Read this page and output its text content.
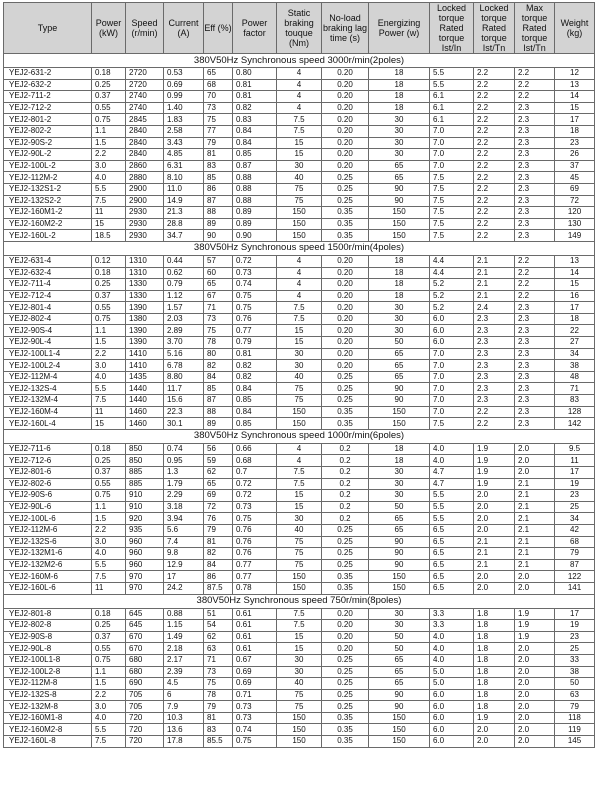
Type	Power (kW)	Speed (r/min)	Current (A)	Eff (%)	Power factor	Static braking touque (Nm)	No-load braking lag time (s)	Energizing Power (w)	Locked torque Rated torque Ist/In	Locked torque Rated torque Ist/Tn	Max torque Rated torque Ist/Tn	Weight (kg)
380V50Hz Synchronous speed 3000r/min(2poles)												
YEJ2-631-2	0.18	2720	0.53	65	0.80	4	0.20	18	5.5	2.2	2.2	12
YEJ2-632-2	0.25	2720	0.69	68	0.81	4	0.20	18	5.5	2.2	2.2	13
YEJ2-711-2	0.37	2740	0.99	70	0.81	4	0.20	18	6.1	2.2	2.2	14
YEJ2-712-2	0.55	2740	1.40	73	0.82	4	0.20	18	6.1	2.2	2.3	15
YEJ2-801-2	0.75	2845	1.83	75	0.83	7.5	0.20	30	6.1	2.2	2.3	17
YEJ2-802-2	1.1	2840	2.58	77	0.84	7.5	0.20	30	7.0	2.2	2.3	18
YEJ2-90S-2	1.5	2840	3.43	79	0.84	15	0.20	30	7.0	2.2	2.3	23
YEJ2-90L-2	2.2	2840	4.85	81	0.85	15	0.20	30	7.0	2.2	2.3	26
YEJ2-100L-2	3.0	2860	6.31	83	0.87	30	0.20	65	7.0	2.2	2.3	37
YEJ2-112M-2	4.0	2880	8.10	85	0.88	40	0.25	65	7.5	2.2	2.3	45
YEJ2-132S1-2	5.5	2900	11.0	86	0.88	75	0.25	90	7.5	2.2	2.3	69
YEJ2-132S2-2	7.5	2900	14.9	87	0.88	75	0.25	90	7.5	2.2	2.3	72
YEJ2-160M1-2	11	2930	21.3	88	0.89	150	0.35	150	7.5	2.2	2.3	120
YEJ2-160M2-2	15	2930	28.8	89	0.89	150	0.35	150	7.5	2.2	2.3	130
YEJ2-160L-2	18.5	2930	34.7	90	0.90	150	0.35	150	7.5	2.2	2.3	149
380V50Hz Synchronous speed 1500r/min(4poles)												
YEJ2-631-4	0.12	1310	0.44	57	0.72	4	0.20	18	4.4	2.1	2.2	13
YEJ2-632-4	0.18	1310	0.62	60	0.73	4	0.20	18	4.4	2.1	2.2	14
YEJ2-711-4	0.25	1330	0.79	65	0.74	4	0.20	18	5.2	2.1	2.2	15
YEJ2-712-4	0.37	1330	1.12	67	0.75	4	0.20	18	5.2	2.1	2.2	16
YEJ2-801-4	0.55	1390	1.57	71	0.75	7.5	0.20	30	5.2	2.4	2.3	17
YEJ2-802-4	0.75	1380	2.03	73	0.76	7.5	0.20	30	6.0	2.3	2.3	18
YEJ2-90S-4	1.1	1390	2.89	75	0.77	15	0.20	30	6.0	2.3	2.3	22
YEJ2-90L-4	1.5	1390	3.70	78	0.79	15	0.20	50	6.0	2.3	2.3	27
YEJ2-100L1-4	2.2	1410	5.16	80	0.81	30	0.20	65	7.0	2.3	2.3	34
YEJ2-100L2-4	3.0	1410	6.78	82	0.82	30	0.20	65	7.0	2.3	2.3	38
YEJ2-112M-4	4.0	1435	8.80	84	0.82	40	0.25	65	7.0	2.3	2.3	48
YEJ2-132S-4	5.5	1440	11.7	85	0.84	75	0.25	90	7.0	2.3	2.3	71
YEJ2-132M-4	7.5	1440	15.6	87	0.85	75	0.25	90	7.0	2.3	2.3	83
YEJ2-160M-4	11	1460	22.3	88	0.84	150	0.35	150	7.0	2.2	2.3	128
YEJ2-160L-4	15	1460	30.1	89	0.85	150	0.35	150	7.5	2.2	2.3	142
380V50Hz Synchronous speed 1000r/min(6poles)												
YEJ2-711-6	0.18	850	0.74	56	0.66	4	0.2	18	4.0	1.9	2.0	9.5
YEJ2-712-6	0.25	850	0.95	59	0.68	4	0.2	18	4.0	1.9	2.0	11
YEJ2-801-6	0.37	885	1.3	62	0.7	7.5	0.2	30	4.7	1.9	2.0	17
YEJ2-802-6	0.55	885	1.79	65	0.72	7.5	0.2	30	4.7	1.9	2.1	19
YEJ2-90S-6	0.75	910	2.29	69	0.72	15	0.2	30	5.5	2.0	2.1	23
YEJ2-90L-6	1.1	910	3.18	72	0.73	15	0.2	50	5.5	2.0	2.1	25
YEJ2-100L-6	1.5	920	3.94	76	0.75	30	0.2	65	5.5	2.0	2.1	34
YEJ2-112M-6	2.2	935	5.6	79	0.76	40	0.25	65	6.5	2.0	2.1	42
YEJ2-132S-6	3.0	960	7.4	81	0.76	75	0.25	90	6.5	2.1	2.1	68
YEJ2-132M1-6	4.0	960	9.8	82	0.76	75	0.25	90	6.5	2.1	2.1	79
YEJ2-132M2-6	5.5	960	12.9	84	0.77	75	0.25	90	6.5	2.1	2.1	87
YEJ2-160M-6	7.5	970	17	86	0.77	150	0.35	150	6.5	2.0	2.0	122
YEJ2-160L-6	11	970	24.2	87.5	0.78	150	0.35	150	6.5	2.0	2.0	141
380V50Hz Synchronous speed 750r/min(8poles)												
YEJ2-801-8	0.18	645	0.88	51	0.61	7.5	0.20	30	3.3	1.8	1.9	17
YEJ2-802-8	0.25	645	1.15	54	0.61	7.5	0.20	30	3.3	1.8	1.9	19
YEJ2-90S-8	0.37	670	1.49	62	0.61	15	0.20	50	4.0	1.8	1.9	23
YEJ2-90L-8	0.55	670	2.18	63	0.61	15	0.20	50	4.0	1.8	2.0	25
YEJ2-100L1-8	0.75	680	2.17	71	0.67	30	0.25	65	4.0	1.8	2.0	33
YEJ2-100L2-8	1.1	680	2.39	73	0.69	30	0.25	65	5.0	1.8	2.0	38
YEJ2-112M-8	1.5	690	4.5	75	0.69	40	0.25	65	5.0	1.8	2.0	50
YEJ2-132S-8	2.2	705	6	78	0.71	75	0.25	90	6.0	1.8	2.0	63
YEJ2-132M-8	3.0	705	7.9	79	0.73	75	0.25	90	6.0	1.8	2.0	79
YEJ2-160M1-8	4.0	720	10.3	81	0.73	150	0.35	150	6.0	1.9	2.0	118
YEJ2-160M2-8	5.5	720	13.6	83	0.74	150	0.35	150	6.0	2.0	2.0	119
YEJ2-160L-8	7.5	720	17.8	85.5	0.75	150	0.35	150	6.0	2.0	2.0	145
